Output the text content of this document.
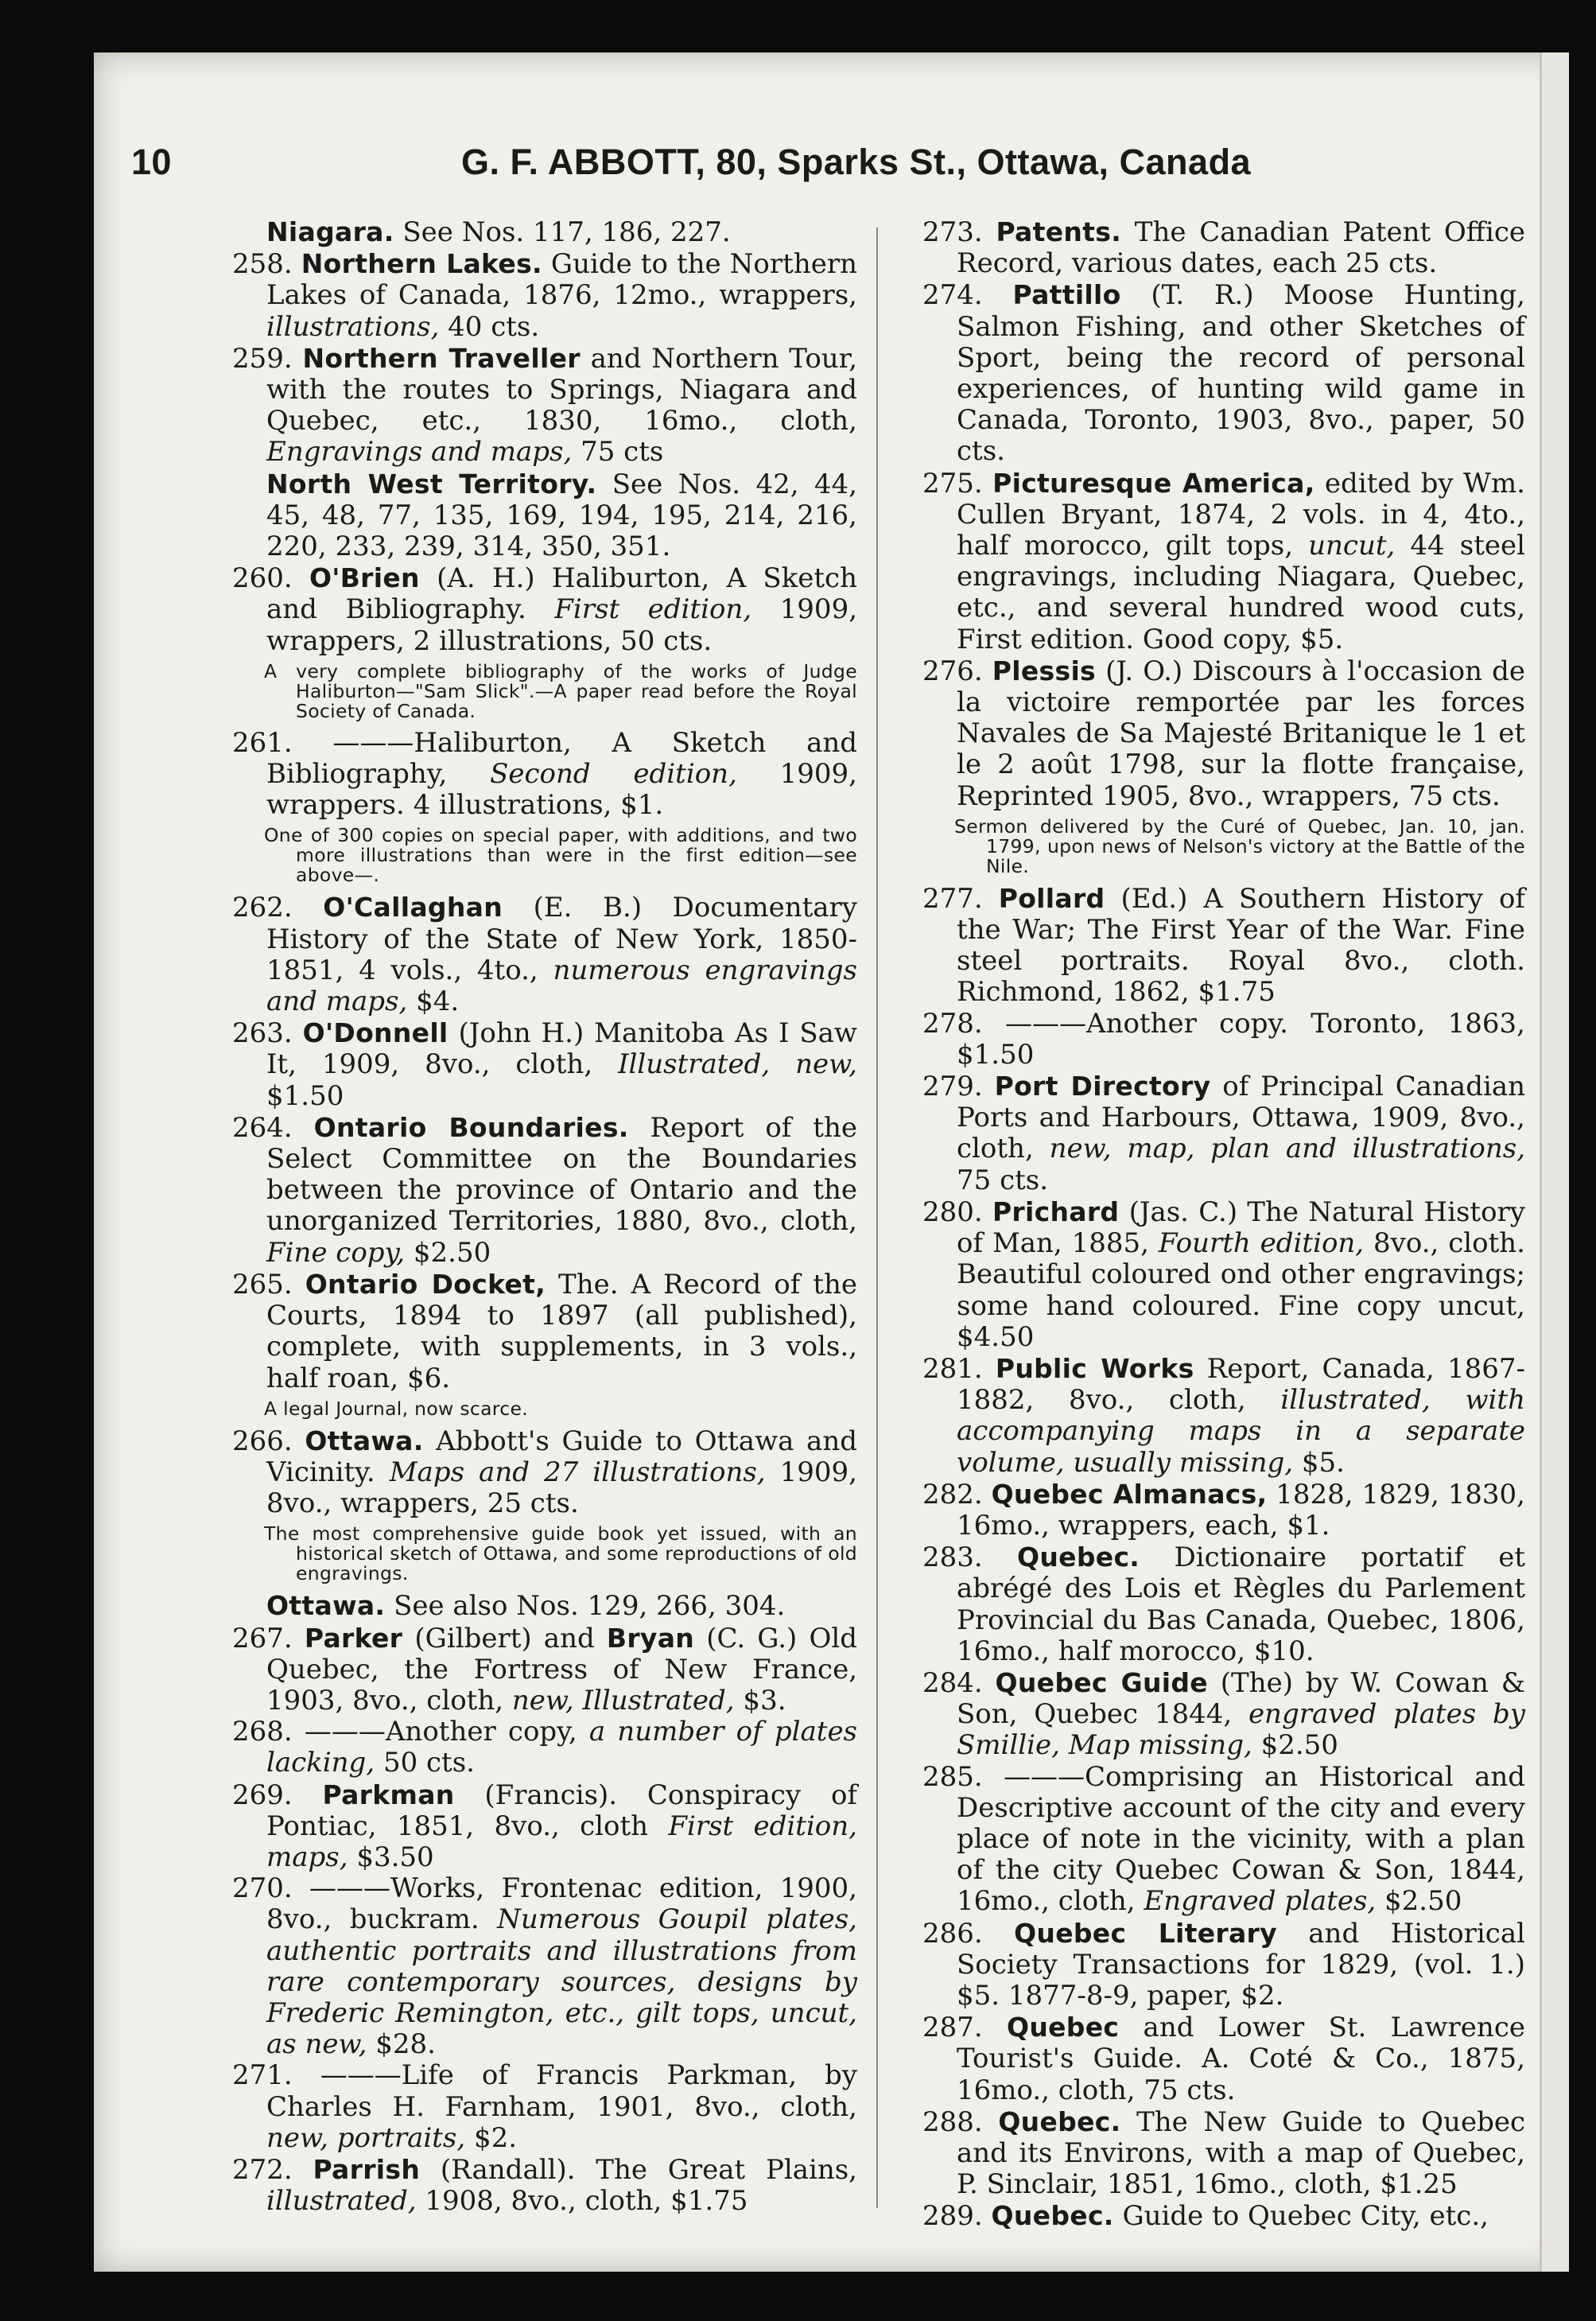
10	G. F. ABBOTT, 80, Sparks St., Ottawa, Canada

Niagara. See Nos. 117, 186, 227.

258. Northern Lakes. Guide to the Northern Lakes of Canada, 1876, 12mo., wrappers, illustrations, 40 cts.

259. Northern Traveller and Northern Tour, with the routes to Springs, Niagara and Quebec, etc., 1830, 16mo., cloth, Engravings and maps, 75 cts

North West Territory. See Nos. 42, 44, 45, 48, 77, 135, 169, 194, 195, 214, 216, 220, 233, 239, 314, 350, 351.

260. O'Brien (A. H.) Haliburton, A Sketch and Bibliography. First edition, 1909, wrappers, 2 illustrations, 50 cts.

A very complete bibliography of the works of Judge Haliburton—"Sam Slick".—A paper read before the Royal Society of Canada.

261. ———Haliburton, A Sketch and Bibliography, Second edition, 1909, wrappers. 4 illustrations, $1.

One of 300 copies on special paper, with additions, and two more illustrations than were in the first edition—see above—.

262. O'Callaghan (E. B.) Documentary History of the State of New York, 1850-1851, 4 vols., 4to., numerous engravings and maps, $4.

263. O'Donnell (John H.) Manitoba As I Saw It, 1909, 8vo., cloth, Illustrated, new, $1.50

264. Ontario Boundaries. Report of the Select Committee on the Boundaries between the province of Ontario and the unorganized Territories, 1880, 8vo., cloth, Fine copy, $2.50

265. Ontario Docket, The. A Record of the Courts, 1894 to 1897 (all published), complete, with supplements, in 3 vols., half roan, $6.

A legal Journal, now scarce.

266. Ottawa. Abbott's Guide to Ottawa and Vicinity. Maps and 27 illustrations, 1909, 8vo., wrappers, 25 cts.

The most comprehensive guide book yet issued, with an historical sketch of Ottawa, and some reproductions of old engravings.

Ottawa. See also Nos. 129, 266, 304.

267. Parker (Gilbert) and Bryan (C. G.) Old Quebec, the Fortress of New France, 1903, 8vo., cloth, new, Illustrated, $3.

268. ———Another copy, a number of plates lacking, 50 cts.

269. Parkman (Francis). Conspiracy of Pontiac, 1851, 8vo., cloth First edition, maps, $3.50

270. ———Works, Frontenac edition, 1900, 8vo., buckram. Numerous Goupil plates, authentic portraits and illustrations from rare contemporary sources, designs by Frederic Remington, etc., gilt tops, uncut, as new, $28.

271. ———Life of Francis Parkman, by Charles H. Farnham, 1901, 8vo., cloth, new, portraits, $2.

272. Parrish (Randall). The Great Plains, illustrated, 1908, 8vo., cloth, $1.75

273. Patents. The Canadian Patent Office Record, various dates, each 25 cts.

274. Pattillo (T. R.) Moose Hunting, Salmon Fishing, and other Sketches of Sport, being the record of personal experiences, of hunting wild game in Canada, Toronto, 1903, 8vo., paper, 50 cts.

275. Picturesque America, edited by Wm. Cullen Bryant, 1874, 2 vols. in 4, 4to., half morocco, gilt tops, uncut, 44 steel engravings, including Niagara, Quebec, etc., and several hundred wood cuts, First edition. Good copy, $5.

276. Plessis (J. O.) Discours à l'occasion de la victoire remportée par les forces Navales de Sa Majesté Britanique le 1 et le 2 août 1798, sur la flotte française, Reprinted 1905, 8vo., wrappers, 75 cts.

Sermon delivered by the Curé of Quebec, Jan. 10, jan. 1799, upon news of Nelson's victory at the Battle of the Nile.

277. Pollard (Ed.) A Southern History of the War; The First Year of the War. Fine steel portraits. Royal 8vo., cloth. Richmond, 1862, $1.75

278. ———Another copy. Toronto, 1863, $1.50

279. Port Directory of Principal Canadian Ports and Harbours, Ottawa, 1909, 8vo., cloth, new, map, plan and illustrations, 75 cts.

280. Prichard (Jas. C.) The Natural History of Man, 1885, Fourth edition, 8vo., cloth. Beautiful coloured ond other engravings; some hand coloured. Fine copy uncut, $4.50

281. Public Works Report, Canada, 1867-1882, 8vo., cloth, illustrated, with accompanying maps in a separate volume, usually missing, $5.

282. Quebec Almanacs, 1828, 1829, 1830, 16mo., wrappers, each, $1.

283. Quebec. Dictionaire portatif et abrégé des Lois et Règles du Parlement Provincial du Bas Canada, Quebec, 1806, 16mo., half morocco, $10.

284. Quebec Guide (The) by W. Cowan & Son, Quebec 1844, engraved plates by Smillie, Map missing, $2.50

285. ———Comprising an Historical and Descriptive account of the city and every place of note in the vicinity, with a plan of the city Quebec Cowan & Son, 1844, 16mo., cloth, Engraved plates, $2.50

286. Quebec Literary and Historical Society Transactions for 1829, (vol. 1.) $5. 1877-8-9, paper, $2.

287. Quebec and Lower St. Lawrence Tourist's Guide. A. Coté & Co., 1875, 16mo., cloth, 75 cts.

288. Quebec. The New Guide to Quebec and its Environs, with a map of Quebec, P. Sinclair, 1851, 16mo., cloth, $1.25

289. Quebec. Guide to Quebec City, etc.,
